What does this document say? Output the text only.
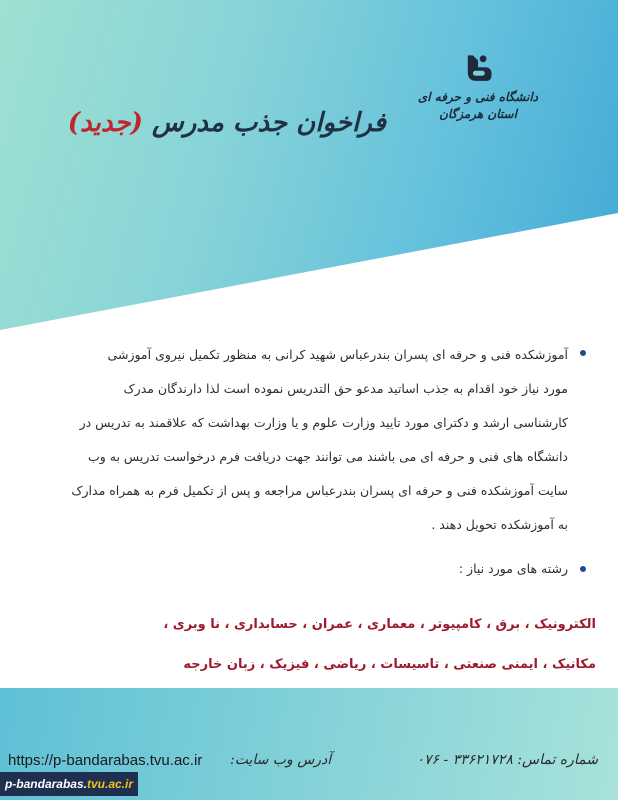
دانشگاه فنی و حرفه ای
استان هرمزگان
فراخوان جذب مدرس (جدید)
آموزشکده فنی و حرفه ای پسران بندرعباس شهید کرانی به منظور تکمیل نیروی آموزشی
مورد نیاز خود اقدام به جذب اساتید مدعو حق التدریس نموده است لذا دارندگان مدرک
کارشناسی ارشد و دکترای مورد تایید وزارت علوم و یا وزارت بهداشت که علاقمند به تدریس در
دانشگاه های فنی و حرفه ای می باشند می توانند جهت دریافت فرم درخواست تدریس به وب
سایت آموزشکده فنی و حرفه ای پسران بندرعباس مراجعه و پس از تکمیل فرم به همراه مدارک
به آموزشکده تحویل دهند .
رشته های مورد نیاز :
الکترونیک ، برق ، کامپیوتر ، معماری ، عمران ، حسابداری ، نا وبری ،
مکانیک ، ایمنی صنعتی ، تاسیسات ، ریاضی ، فیزیک ، زبان خارجه
شماره تماس: ۳۳۶۲۱۷۲۸ - ۰۷۶
آدرس وب سایت:
https://p-bandarabas.tvu.ac.ir
p-bandarabas.tvu.ac.ir
